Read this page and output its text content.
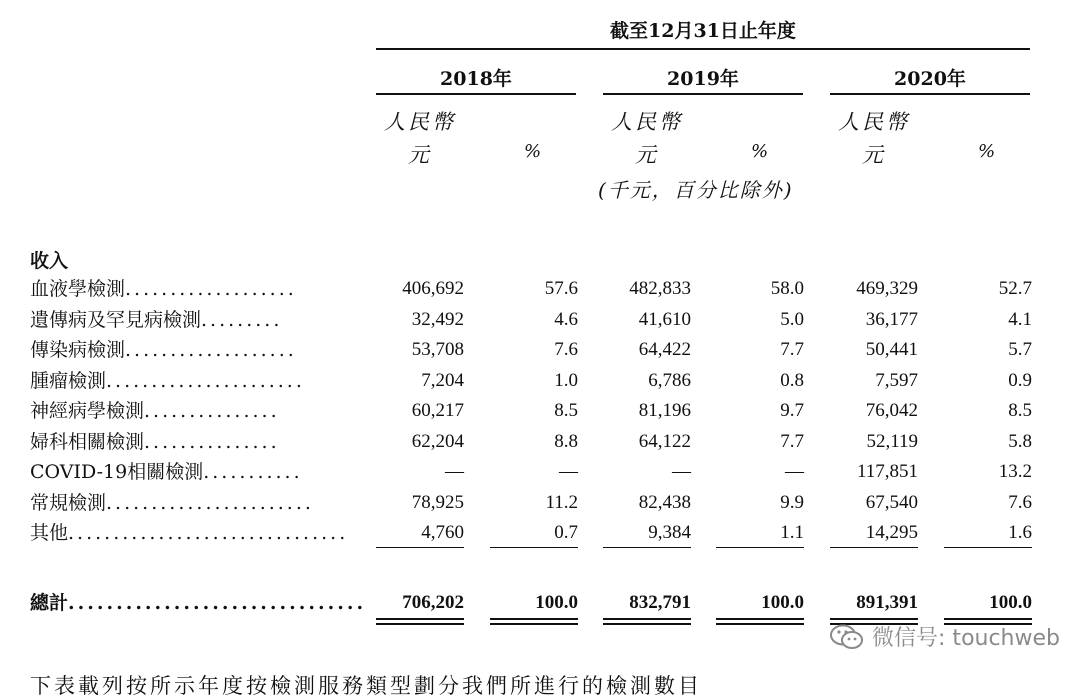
截至12月31日止年度
2018年	2019年	2020年
人民幣	人民幣	人民幣
元	%	元	%	元	%
(千元，百分比除外)
收入
血液學檢測...................	406,692	57.6	482,833	58.0	469,329	52.7
遺傳病及罕見病檢測.........	32,492	4.6	41,610	5.0	36,177	4.1
傳染病檢測...................	53,708	7.6	64,422	7.7	50,441	5.7
腫瘤檢測......................	7,204	1.0	6,786	0.8	7,597	0.9
神經病學檢測...............	60,217	8.5	81,196	9.7	76,042	8.5
婦科相關檢測...............	62,204	8.8	64,122	7.7	52,119	5.8
COVID-19相關檢測...........	—	—	—	—	117,851	13.2
常規檢測.......................	78,925	11.2	82,438	9.9	67,540	7.6
其他...............................	4,760	0.7	9,384	1.1	14,295	1.6
總計...............................	706,202	100.0	832,791	100.0	891,391	100.0
微信号: touchweb
下表載列按所示年度按檢測服務類型劃分我們所進行的檢測數目
